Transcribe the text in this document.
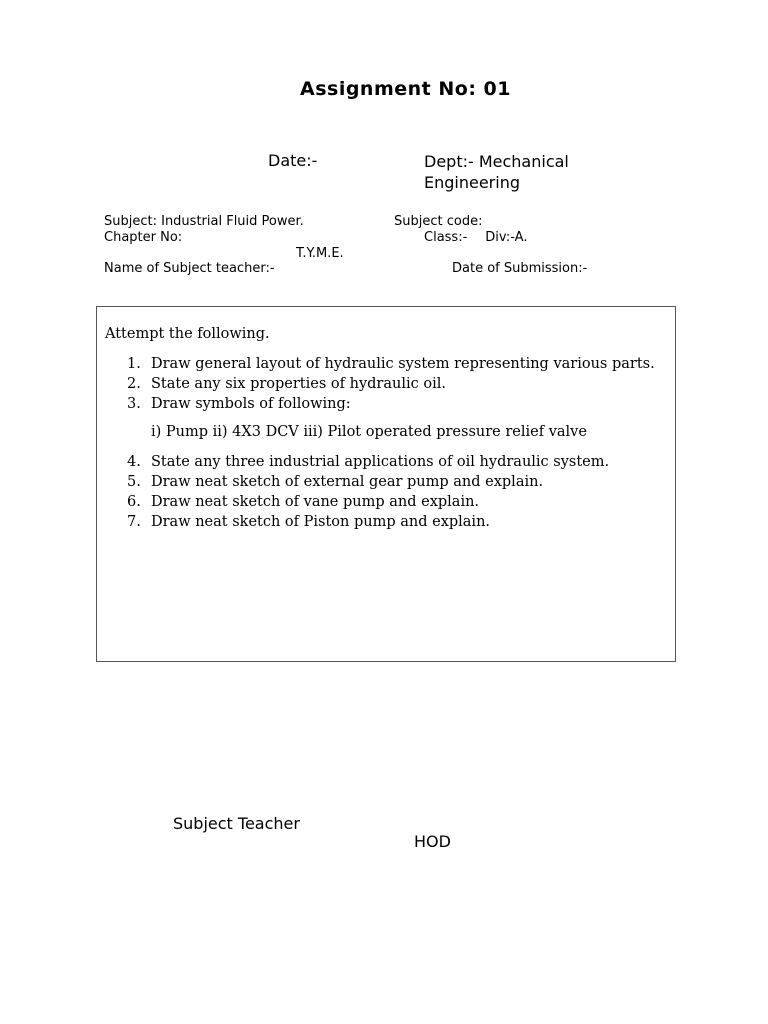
Assignment No: 01
Date:-	Dept:- Mechanical
Engineering
Subject: Industrial Fluid Power.	Subject code:
Chapter No:	Class:- Div:-A.
T.Y.M.E.
Name of Subject teacher:-	Date of Submission:-
Attempt the following.
1. Draw general layout of hydraulic system representing various parts.
2. State any six properties of hydraulic oil.
3. Draw symbols of following:
i) Pump ii) 4X3 DCV iii) Pilot operated pressure relief valve
4. State any three industrial applications of oil hydraulic system.
5. Draw neat sketch of external gear pump and explain.
6. Draw neat sketch of vane pump and explain.
7. Draw neat sketch of Piston pump and explain.
Subject Teacher
HOD
